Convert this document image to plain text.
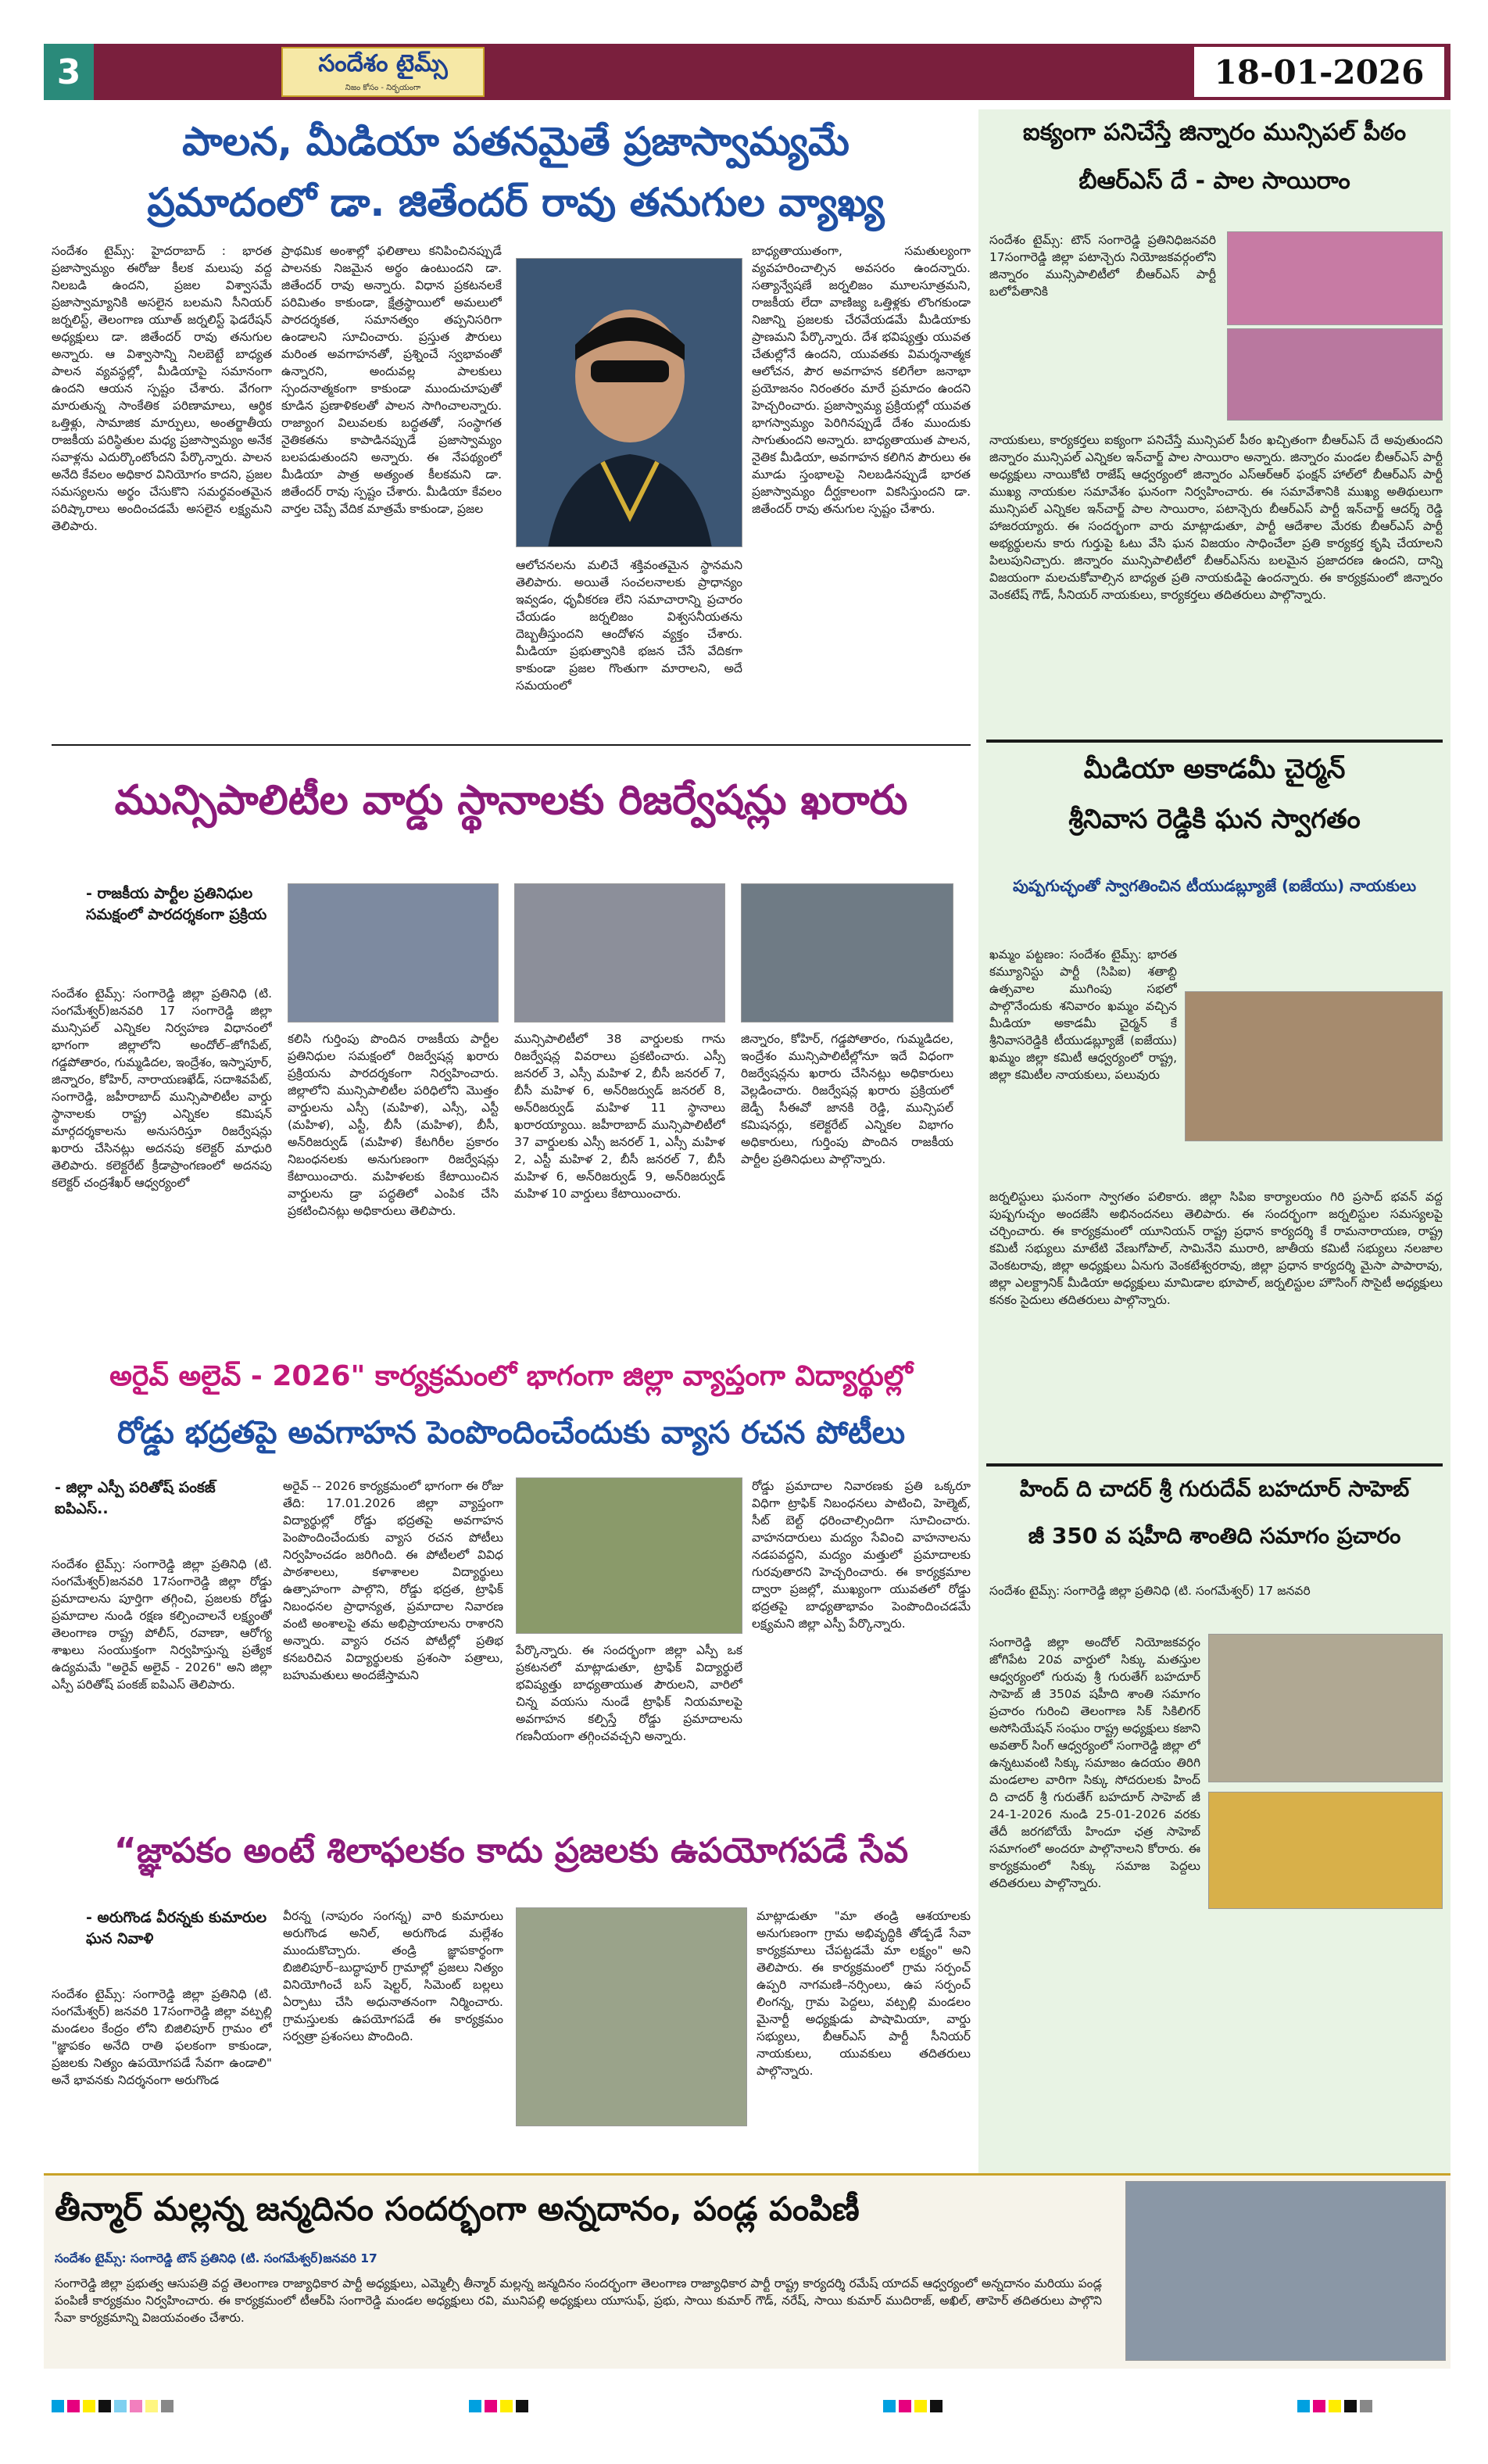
3	సందేశం టైమ్స్
నిజం కోసం - నిర్భయంగా	18-01-2026
పాలన, మీడియా పతనమైతే ప్రజాస్వామ్యమే
ప్రమాదంలో డా. జితేందర్ రావు తనుగుల వ్యాఖ్య
సందేశం టైమ్స్: హైదరాబాద్ : భారత ప్రజాస్వామ్యం ఈరోజు కీలక మలుపు వద్ద నిలబడి ఉందని, ప్రజల విశ్వాసమే ప్రజాస్వామ్యానికి అసలైన బలమని సీనియర్ జర్నలిస్ట్, తెలంగాణ యూత్ జర్నలిస్ట్ ఫెడరేషన్ అధ్యక్షులు డా. జితేందర్ రావు తనుగుల అన్నారు. ఆ విశ్వాసాన్ని నిలబెట్టే బాధ్యత పాలన వ్యవస్థల్లో, మీడియాపై సమానంగా ఉందని ఆయన స్పష్టం చేశారు. వేగంగా మారుతున్న సాంకేతిక పరిణామాలు, ఆర్థిక ఒత్తిళ్లు, సామాజిక మార్పులు, అంతర్జాతీయ రాజకీయ పరిస్థితుల మధ్య ప్రజాస్వామ్యం అనేక సవాళ్లను ఎదుర్కొంటోందని పేర్కొన్నారు. పాలన అనేది కేవలం అధికార వినియోగం కాదని, ప్రజల సమస్యలను అర్థం చేసుకొని సమర్థవంతమైన పరిష్కారాలు అందించడమే అసలైన లక్ష్యమని తెలిపారు.
ప్రాథమిక అంశాల్లో ఫలితాలు కనిపించినప్పుడే పాలనకు నిజమైన అర్థం ఉంటుందని డా. జితేందర్ రావు అన్నారు. విధాన ప్రకటనలకే పరిమితం కాకుండా, క్షేత్రస్థాయిలో అమలులో పారదర్శకత, సమానత్వం తప్పనిసరిగా ఉండాలని సూచించారు. ప్రస్తుత పౌరులు మరింత అవగాహనతో, ప్రశ్నించే స్వభావంతో ఉన్నారని, అందువల్ల పాలకులు స్పందనాత్మకంగా కాకుండా ముందుచూపుతో కూడిన ప్రణాళికలతో పాలన సాగించాలన్నారు. రాజ్యాంగ విలువలకు బద్ధతతో, సంస్థాగత నైతికతను కాపాడినప్పుడే ప్రజాస్వామ్యం బలపడుతుందని అన్నారు. ఈ నేపథ్యంలో మీడియా పాత్ర అత్యంత కీలకమని డా. జితేందర్ రావు స్పష్టం చేశారు. మీడియా కేవలం వార్తల చెప్పే వేదిక మాత్రమే కాకుండా, ప్రజల
ఆలోచనలను మలిచే శక్తివంతమైన స్థానమని తెలిపారు. అయితే సంచలనాలకు ప్రాధాన్యం ఇవ్వడం, ధృవీకరణ లేని సమాచారాన్ని ప్రచారం చేయడం జర్నలిజం విశ్వసనీయతను దెబ్బతీస్తుందని ఆందోళన వ్యక్తం చేశారు. మీడియా ప్రభుత్వానికి భజన చేసే వేదికగా కాకుండా ప్రజల గొంతుగా మారాలని, అదే సమయంలో
బాధ్యతాయుతంగా, సమతుల్యంగా వ్యవహరించాల్సిన అవసరం ఉందన్నారు. సత్యాన్వేషణే జర్నలిజం మూలసూత్రమని, రాజకీయ లేదా వాణిజ్య ఒత్తిళ్లకు లొంగకుండా నిజాన్ని ప్రజలకు చేరవేయడమే మీడియాకు ప్రాణమని పేర్కొన్నారు. దేశ భవిష్యత్తు యువత చేతుల్లోనే ఉందని, యువతకు విమర్శనాత్మక ఆలోచన, పౌర అవగాహన కలిగేలా జనాభా ప్రయోజనం నిరంతరం మారే ప్రమాదం ఉందని హెచ్చరించారు. ప్రజాస్వామ్య ప్రక్రియల్లో యువత భాగస్వామ్యం పెరిగినప్పుడే దేశం ముందుకు సాగుతుందని అన్నారు. బాధ్యతాయుత పాలన, నైతిక మీడియా, అవగాహన కలిగిన పౌరులు ఈ మూడు స్తంభాలపై నిలబడినప్పుడే భారత ప్రజాస్వామ్యం దీర్ఘకాలంగా వికసిస్తుందని డా. జితేందర్ రావు తనుగుల స్పష్టం చేశారు.
మున్సిపాలిటీల వార్డు స్థానాలకు రిజర్వేషన్లు ఖరారు
- రాజకీయ పార్టీల ప్రతినిధుల సమక్షంలో పారదర్శకంగా ప్రక్రియ
సందేశం టైమ్స్: సంగారెడ్డి జిల్లా ప్రతినిధి (టి. సంగమేశ్వర్)జనవరి 17 సంగారెడ్డి జిల్లా మున్సిపల్ ఎన్నికల నిర్వహణ విధానంలో భాగంగా జిల్లాలోని అందోల్–జోగిపేట్, గడ్డపోతారం, గుమ్మడిదల, ఇంద్రేశం, ఇస్నాపూర్, జిన్నారం, కోహిర్, నారాయణఖేడ్, సదాశివపేట్, సంగారెడ్డి, జహీరాబాద్ మున్సిపాలిటీల వార్డు స్థానాలకు రాష్ట్ర ఎన్నికల కమిషన్ మార్గదర్శకాలను అనుసరిస్తూ రిజర్వేషన్లు ఖరారు చేసినట్లు అదనపు కలెక్టర్ మాధురి తెలిపారు. కలెక్టరేట్ క్రీడాప్రాంగణంలో అదనపు కలెక్టర్ చంద్రశేఖర్ ఆధ్వర్యంలో
కలిసి గుర్తింపు పొందిన రాజకీయ పార్టీల ప్రతినిధుల సమక్షంలో రిజర్వేషన్ల ఖరారు ప్రక్రియను పారదర్శకంగా నిర్వహించారు. జిల్లాలోని మున్సిపాలిటీల పరిధిలోని మొత్తం వార్డులను ఎస్సీ (మహిళ), ఎస్సీ, ఎస్టీ (మహిళ), ఎస్టీ, బీసీ (మహిళ), బీసీ, అన్‌రిజర్వుడ్ (మహిళ) కేటగిరీల ప్రకారం నిబంధనలకు అనుగుణంగా రిజర్వేషన్లు కేటాయించారు. మహిళలకు కేటాయించిన వార్డులను డ్రా పద్ధతిలో ఎంపిక చేసి ప్రకటించినట్లు అధికారులు తెలిపారు.
మున్సిపాలిటీలో 38 వార్డులకు గాను రిజర్వేషన్ల వివరాలు ప్రకటించారు. ఎస్సీ జనరల్ 3, ఎస్సీ మహిళ 2, బీసీ జనరల్ 7, బీసీ మహిళ 6, అన్‌రిజర్వుడ్ జనరల్ 8, అన్‌రిజర్వుడ్ మహిళ 11 స్థానాలు ఖరారయ్యాయి. జహీరాబాద్ మున్సిపాలిటీలో 37 వార్డులకు ఎస్సీ జనరల్ 1, ఎస్సీ మహిళ 2, ఎస్టీ మహిళ 2, బీసీ జనరల్ 7, బీసీ మహిళ 6, అన్‌రిజర్వుడ్ 9, అన్‌రిజర్వుడ్ మహిళ 10 వార్డులు కేటాయించారు.
జిన్నారం, కోహిర్, గడ్డపోతారం, గుమ్మడిదల, ఇంద్రేశం మున్సిపాలిటీల్లోనూ ఇదే విధంగా రిజర్వేషన్లను ఖరారు చేసినట్లు అధికారులు వెల్లడించారు. రిజర్వేషన్ల ఖరారు ప్రక్రియలో జెడ్పీ సీఈవో జానకి రెడ్డి, మున్సిపల్ కమిషనర్లు, కలెక్టరేట్ ఎన్నికల విభాగం అధికారులు, గుర్తింపు పొందిన రాజకీయ పార్టీల ప్రతినిధులు పాల్గొన్నారు.
అరైవ్ అలైవ్ - 2026" కార్యక్రమంలో భాగంగా జిల్లా వ్యాప్తంగా విద్యార్థుల్లో
రోడ్డు భద్రతపై అవగాహన పెంపొందించేందుకు వ్యాస రచన పోటీలు
- జిల్లా ఎస్పీ పరితోష్ పంకజ్ ఐపిఎస్..
సందేశం టైమ్స్: సంగారెడ్డి జిల్లా ప్రతినిధి (టి. సంగమేశ్వర్)జనవరి 17సంగారెడ్డి జిల్లా రోడ్డు ప్రమాదాలను పూర్తిగా తగ్గించి, ప్రజలకు రోడ్డు ప్రమాదాల నుండి రక్షణ కల్పించాలనే లక్ష్యంతో తెలంగాణ రాష్ట్ర పోలీస్, రవాణా, ఆరోగ్య శాఖలు సంయుక్తంగా నిర్వహిస్తున్న ప్రత్యేక ఉద్యమమే "అరైవ్ అలైవ్ - 2026" అని జిల్లా ఎస్పీ పరితోష్ పంకజ్ ఐపిఎస్ తెలిపారు.
అరైవ్ -- 2026 కార్యక్రమంలో భాగంగా ఈ రోజు తేది: 17.01.2026 జిల్లా వ్యాప్తంగా విద్యార్థుల్లో రోడ్డు భద్రతపై అవగాహన పెంపొందించేందుకు వ్యాస రచన పోటీలు నిర్వహించడం జరిగింది. ఈ పోటీలలో వివిధ పాఠశాలలు, కళాశాలల విద్యార్థులు ఉత్సాహంగా పాల్గొని, రోడ్డు భద్రత, ట్రాఫిక్ నిబంధనల ప్రాధాన్యత, ప్రమాదాల నివారణ వంటి అంశాలపై తమ అభిప్రాయాలను రాశారని అన్నారు. వ్యాస రచన పోటీల్లో ప్రతిభ కనబరిచిన విద్యార్థులకు ప్రశంసా పత్రాలు, బహుమతులు అందజేస్తామని
పేర్కొన్నారు. ఈ సందర్భంగా జిల్లా ఎస్పీ ఒక ప్రకటనలో మాట్లాడుతూ, ట్రాఫిక్ విద్యార్థులే భవిష్యత్తు బాధ్యతాయుత పౌరులని, వారిలో చిన్న వయసు నుండే ట్రాఫిక్ నియమాలపై అవగాహన కల్పిస్తే రోడ్డు ప్రమాదాలను గణనీయంగా తగ్గించవచ్చని అన్నారు.
రోడ్డు ప్రమాదాల నివారణకు ప్రతి ఒక్కరూ విధిగా ట్రాఫిక్ నిబంధనలు పాటించి, హెల్మెట్, సీట్ బెల్ట్ ధరించాల్సిందిగా సూచించారు. వాహనదారులు మద్యం సేవించి వాహనాలను నడపవద్దని, మద్యం మత్తులో ప్రమాదాలకు గురవుతారని హెచ్చరించారు. ఈ కార్యక్రమాల ద్వారా ప్రజల్లో, ముఖ్యంగా యువతలో రోడ్డు భద్రతపై బాధ్యతాభావం పెంపొందించడమే లక్ష్యమని జిల్లా ఎస్పీ పేర్కొన్నారు.
“జ్ఞాపకం అంటే శిలాఫలకం కాదు ప్రజలకు ఉపయోగపడే సేవ
- అరుగొండ వీరన్నకు కుమారుల ఘన నివాళి
సందేశం టైమ్స్: సంగారెడ్డి జిల్లా ప్రతినిధి (టి. సంగమేశ్వర్) జనవరి 17సంగారెడ్డి జిల్లా వట్పల్లి మండలం కేంద్రం లోని బిజిలిపూర్ గ్రామం లో "జ్ఞాపకం అనేది రాతి ఫలకంగా కాకుండా, ప్రజలకు నిత్యం ఉపయోగపడే సేవగా ఉండాలి" అనే భావనకు నిదర్శనంగా అరుగొండ
వీరన్న (నాపురం సంగన్న) వారి కుమారులు అరుగొండ అనిల్, అరుగొండ మల్లేశం ముందుకొచ్చారు. తండ్రి జ్ఞాపకార్థంగా బిజిలిపూర్–బుద్ధాపూర్ గ్రామాల్లో ప్రజలు నిత్యం వినియోగించే బస్ షెల్టర్, సిమెంట్ బల్లలు ఏర్పాటు చేసి అధునాతనంగా నిర్మించారు. గ్రామస్తులకు ఉపయోగపడే ఈ కార్యక్రమం సర్వత్రా ప్రశంసలు పొందింది.
మాట్లాడుతూ "మా తండ్రి ఆశయాలకు అనుగుణంగా గ్రామ అభివృద్ధికి తోడ్పడే సేవా కార్యక్రమాలు చేపట్టడమే మా లక్ష్యం" అని తెలిపారు. ఈ కార్యక్రమంలో గ్రామ సర్పంచ్ ఉప్పరి నాగమణి–నర్సింలు, ఉప సర్పంచ్ లింగన్న, గ్రామ పెద్దలు, వట్పల్లి మండలం మైనార్టీ అధ్యక్షుడు పాషామియా, వార్డు సభ్యులు, బీఆర్‌ఎస్ పార్టీ సీనియర్ నాయకులు, యువకులు తదితరులు పాల్గొన్నారు.
ఐక్యంగా పనిచేస్తే జిన్నారం మున్సిపల్ పీఠం
బీఆర్ఎస్ దే - పాల సాయిరాం
సందేశం టైమ్స్: టౌన్ సంగారెడ్డి ప్రతినిధిజనవరి 17సంగారెడ్డి జిల్లా పటాన్చెరు నియోజకవర్గంలోని జిన్నారం మున్సిపాలిటీలో బీఆర్ఎస్ పార్టీ బలోపేతానికి
నాయకులు, కార్యకర్తలు ఐక్యంగా పనిచేస్తే మున్సిపల్ పీఠం ఖచ్చితంగా బీఆర్ఎస్ దే అవుతుందని జిన్నారం మున్సిపల్ ఎన్నికల ఇన్‌చార్జ్ పాల సాయిరాం అన్నారు. జిన్నారం మండల బీఆర్ఎస్ పార్టీ అధ్యక్షులు నాయికోటి రాజేష్ ఆధ్వర్యంలో జిన్నారం ఎస్‌ఆర్‌ఆర్ ఫంక్షన్ హాల్‌లో బీఆర్ఎస్ పార్టీ ముఖ్య నాయకుల సమావేశం ఘనంగా నిర్వహించారు. ఈ సమావేశానికి ముఖ్య అతిథులుగా మున్సిపల్ ఎన్నికల ఇన్‌చార్జ్ పాల సాయిరాం, పటాన్చెరు బీఆర్ఎస్ పార్టీ ఇన్‌చార్జ్ ఆదర్శ్ రెడ్డి హాజరయ్యారు. ఈ సందర్భంగా వారు మాట్లాడుతూ, పార్టీ ఆదేశాల మేరకు బీఆర్ఎస్ పార్టీ అభ్యర్థులను కారు గుర్తుపై ఓటు వేసి ఘన విజయం సాధించేలా ప్రతి కార్యకర్త కృషి చేయాలని పిలుపునిచ్చారు. జిన్నారం మున్సిపాలిటీలో బీఆర్ఎస్‌ను బలమైన ప్రజాదరణ ఉందని, దాన్ని విజయంగా మలచుకోవాల్సిన బాధ్యత ప్రతి నాయకుడిపై ఉందన్నారు. ఈ కార్యక్రమంలో జిన్నారం వెంకటేష్ గౌడ్, సీనియర్ నాయకులు, కార్యకర్తలు తదితరులు పాల్గొన్నారు.
మీడియా అకాడమీ చైర్మన్
శ్రీనివాస రెడ్డికి ఘన స్వాగతం
పుష్పగుచ్ఛంతో స్వాగతించిన టీయుడబ్ల్యూజే (ఐజేయు) నాయకులు
ఖమ్మం పట్టణం: సందేశం టైమ్స్: భారత కమ్యూనిస్టు పార్టీ (సిపిఐ) శతాబ్ది ఉత్సవాల ముగింపు సభలో పాల్గొనేందుకు శనివారం ఖమ్మం వచ్చిన మీడియా అకాడమీ చైర్మన్ కే శ్రీనివాసరెడ్డికి టీయుడబ్ల్యూజే (ఐజేయు) ఖమ్మం జిల్లా కమిటీ ఆధ్వర్యంలో రాష్ట్ర, జిల్లా కమిటీల నాయకులు, పలువురు
జర్నలిస్టులు ఘనంగా స్వాగతం పలికారు. జిల్లా సిపిఐ కార్యాలయం గిరి ప్రసాద్ భవన్ వద్ద పుష్పగుచ్ఛం అందజేసి అభినందనలు తెలిపారు. ఈ సందర్భంగా జర్నలిస్టుల సమస్యలపై చర్చించారు. ఈ కార్యక్రమంలో యూనియన్ రాష్ట్ర ప్రధాన కార్యదర్శి కే రామనారాయణ, రాష్ట్ర కమిటీ సభ్యులు మాటేటి వేణుగోపాల్, సామినేని మురారి, జాతీయ కమిటీ సభ్యులు నలజాల వెంకటరావు, జిల్లా అధ్యక్షులు ఏనుగు వెంకటేశ్వరరావు, జిల్లా ప్రధాన కార్యదర్శి మైసా పాపారావు, జిల్లా ఎలక్ట్రానిక్ మీడియా అధ్యక్షులు మామిడాల భూపాల్, జర్నలిస్టుల హౌసింగ్ సొసైటీ అధ్యక్షులు కనకం సైదులు తదితరులు పాల్గొన్నారు.
హింద్ ది చాదర్ శ్రీ గురుదేవ్ బహదూర్ సాహెబ్
జీ 350 వ షహీది శాంతిది సమాగం ప్రచారం
సందేశం టైమ్స్: సంగారెడ్డి జిల్లా ప్రతినిధి (టి. సంగమేశ్వర్) 17 జనవరి
సంగారెడ్డి జిల్లా అందోల్ నియోజకవర్గం జోగిపేట 20వ వార్డులో సిక్కు మతస్తుల ఆధ్వర్యంలో గురువు శ్రీ గురుతేగ్ బహదూర్ సాహెబ్ జీ 350వ షహీది శాంతి సమాగం ప్రచారం గురించి తెలంగాణ సిక్ సికిలిగర్ అసోసియేషన్ సంఘం రాష్ట్ర అధ్యక్షులు కజాని అవతార్ సింగ్ ఆధ్వర్యంలో సంగారెడ్డి జిల్లా లో ఉన్నటువంటి సిక్కు సమాజం ఉదయం తిరిగి మండలాల వారిగా సిక్కు సోదరులకు హింద్ ది చాదర్ శ్రీ గురుతేగ్ బహదూర్ సాహెబ్ జీ 24-1-2026 నుండి 25-01-2026 వరకు తేదీ జరగబోయే హిందూ ఛత్ర సాహెబ్ సమాగంలో అందరూ పాల్గొనాలని కోరారు. ఈ కార్యక్రమంలో సిక్కు సమాజ పెద్దలు తదితరులు పాల్గొన్నారు.
తీన్మార్ మల్లన్న జన్మదినం సందర్భంగా అన్నదానం, పండ్ల పంపిణీ
సందేశం టైమ్స్: సంగారెడ్డి టౌన్ ప్రతినిధి (టి. సంగమేశ్వర్)జనవరి 17
సంగారెడ్డి జిల్లా ప్రభుత్వ ఆసుపత్రి వద్ద తెలంగాణ రాజ్యాధికార పార్టీ అధ్యక్షులు, ఎమ్మెల్సీ తీన్మార్ మల్లన్న జన్మదినం సందర్భంగా తెలంగాణ రాజ్యాధికార పార్టీ రాష్ట్ర కార్యదర్శి రమేష్ యాదవ్ ఆధ్వర్యంలో అన్నదానం మరియు పండ్ల పంపిణీ కార్యక్రమం నిర్వహించారు. ఈ కార్యక్రమంలో టీఆర్‌పి సంగారెడ్డి మండల అధ్యక్షులు రవి, మునిపల్లి అధ్యక్షులు యూసుఫ్, ప్రభు, సాయి కుమార్ గౌడ్, నరేష్, సాయి కుమార్ ముదిరాజ్, అఖిల్, తాహెర్ తదితరులు పాల్గొని సేవా కార్యక్రమాన్ని విజయవంతం చేశారు.
